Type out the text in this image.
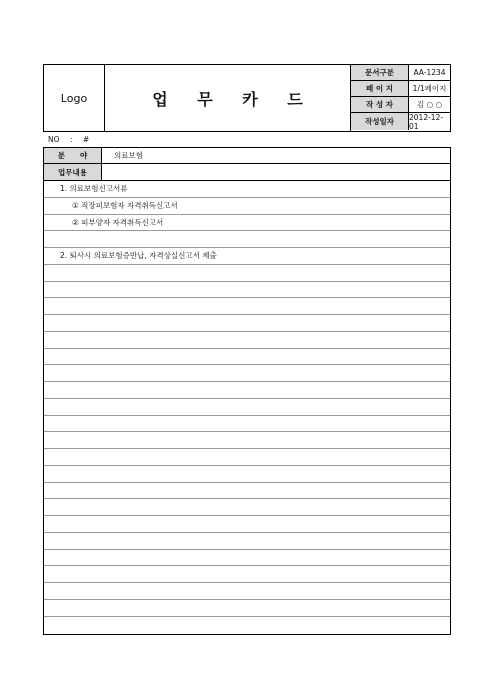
Logo	업 무 카 드
문서구분	AA-1234
페 이 지	1/1페이지
작 성 자	김 ○ ○
작성일자	2012-12-01
NO : #
분　　야	의료보험
업무내용
1. 의료보험신고서류
① 직장피보험자 자격취득신고서
② 피부양자 자격취득신고서
2. 퇴사시 의료보험증반납, 자격상실신고서 제출
